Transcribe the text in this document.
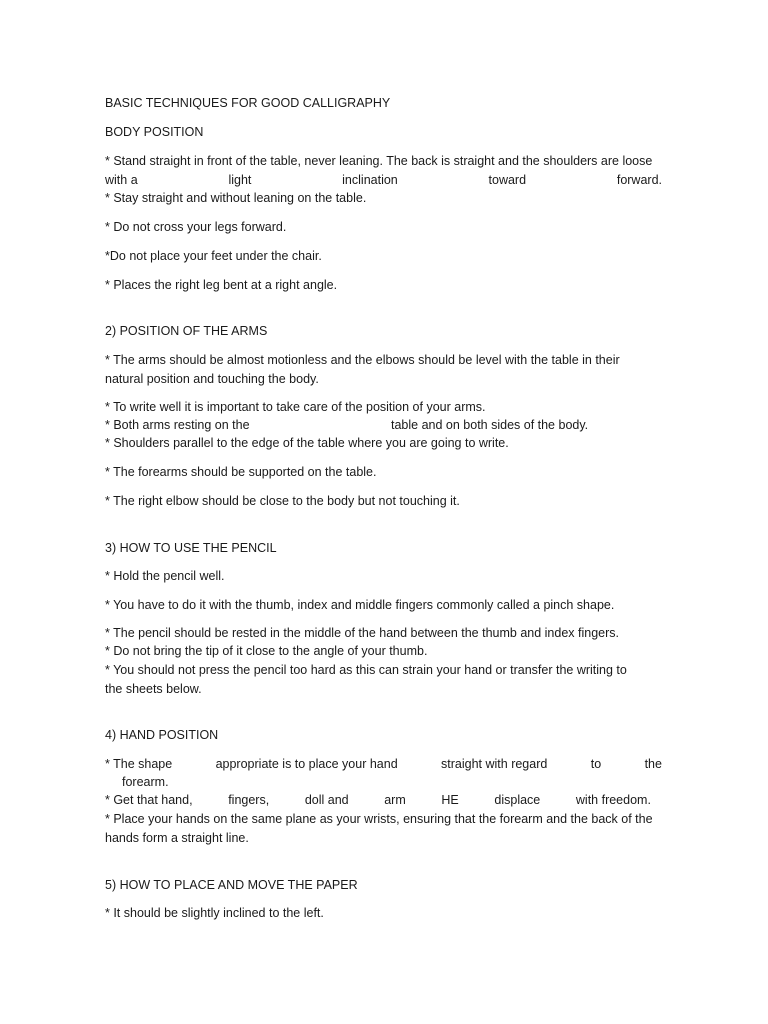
BASIC TECHNIQUES FOR GOOD CALLIGRAPHY
BODY POSITION
* Stand straight in front of the table, never leaning. The back is straight and the shoulders are loose
with a	light	inclination	toward	forward.
* Stay straight and without leaning on the table.
* Do not cross your legs forward.
*Do not place your feet under the chair.
* Places the right leg bent at a right angle.
2) POSITION OF THE ARMS
* The arms should be almost motionless and the elbows should be level with the table in their
natural position and touching the body.
* To write well it is important to take care of the position of your arms.
* Both arms resting on the	table and on both sides of the body.
* Shoulders parallel to the edge of the table where you are going to write.
* The forearms should be supported on the table.
* The right elbow should be close to the body but not touching it.
3) HOW TO USE THE PENCIL
* Hold the pencil well.
* You have to do it with the thumb, index and middle fingers commonly called a pinch shape.
* The pencil should be rested in the middle of the hand between the thumb and index fingers.
* Do not bring the tip of it close to the angle of your thumb.
* You should not press the pencil too hard as this can strain your hand or transfer the writing to
the sheets below.
4) HAND POSITION
* The shape	appropriate is to place your hand	straight with regard	to	the
forearm.
* Get that hand,	fingers,	doll and	arm	HE	displace	with freedom.
* Place your hands on the same plane as your wrists, ensuring that the forearm and the back of the
hands form a straight line.
5) HOW TO PLACE AND MOVE THE PAPER
* It should be slightly inclined to the left.
